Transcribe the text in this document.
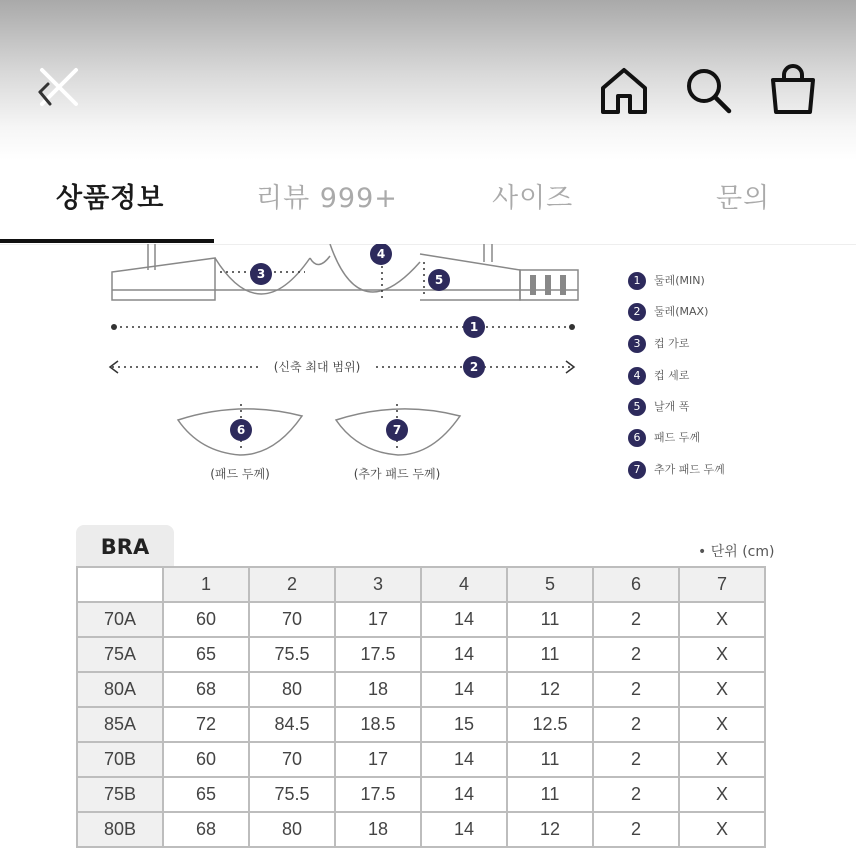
상품정보	리뷰 999+	사이즈	문의
3
4
5
1
2
6	7
(신축 최대 범위)
(패드 두께)	(추가 패드 두께)
1 둘레(MIN)
2 둘레(MAX)
3 컵 가로
4 컵 세로
5 날개 폭
6 패드 두께
7 추가 패드 두께
BRA	• 단위 (cm)
	1	2	3	4	5	6	7
70A	60	70	17	14	11	2	X
75A	65	75.5	17.5	14	11	2	X
80A	68	80	18	14	12	2	X
85A	72	84.5	18.5	15	12.5	2	X
70B	60	70	17	14	11	2	X
75B	65	75.5	17.5	14	11	2	X
80B	68	80	18	14	12	2	X
